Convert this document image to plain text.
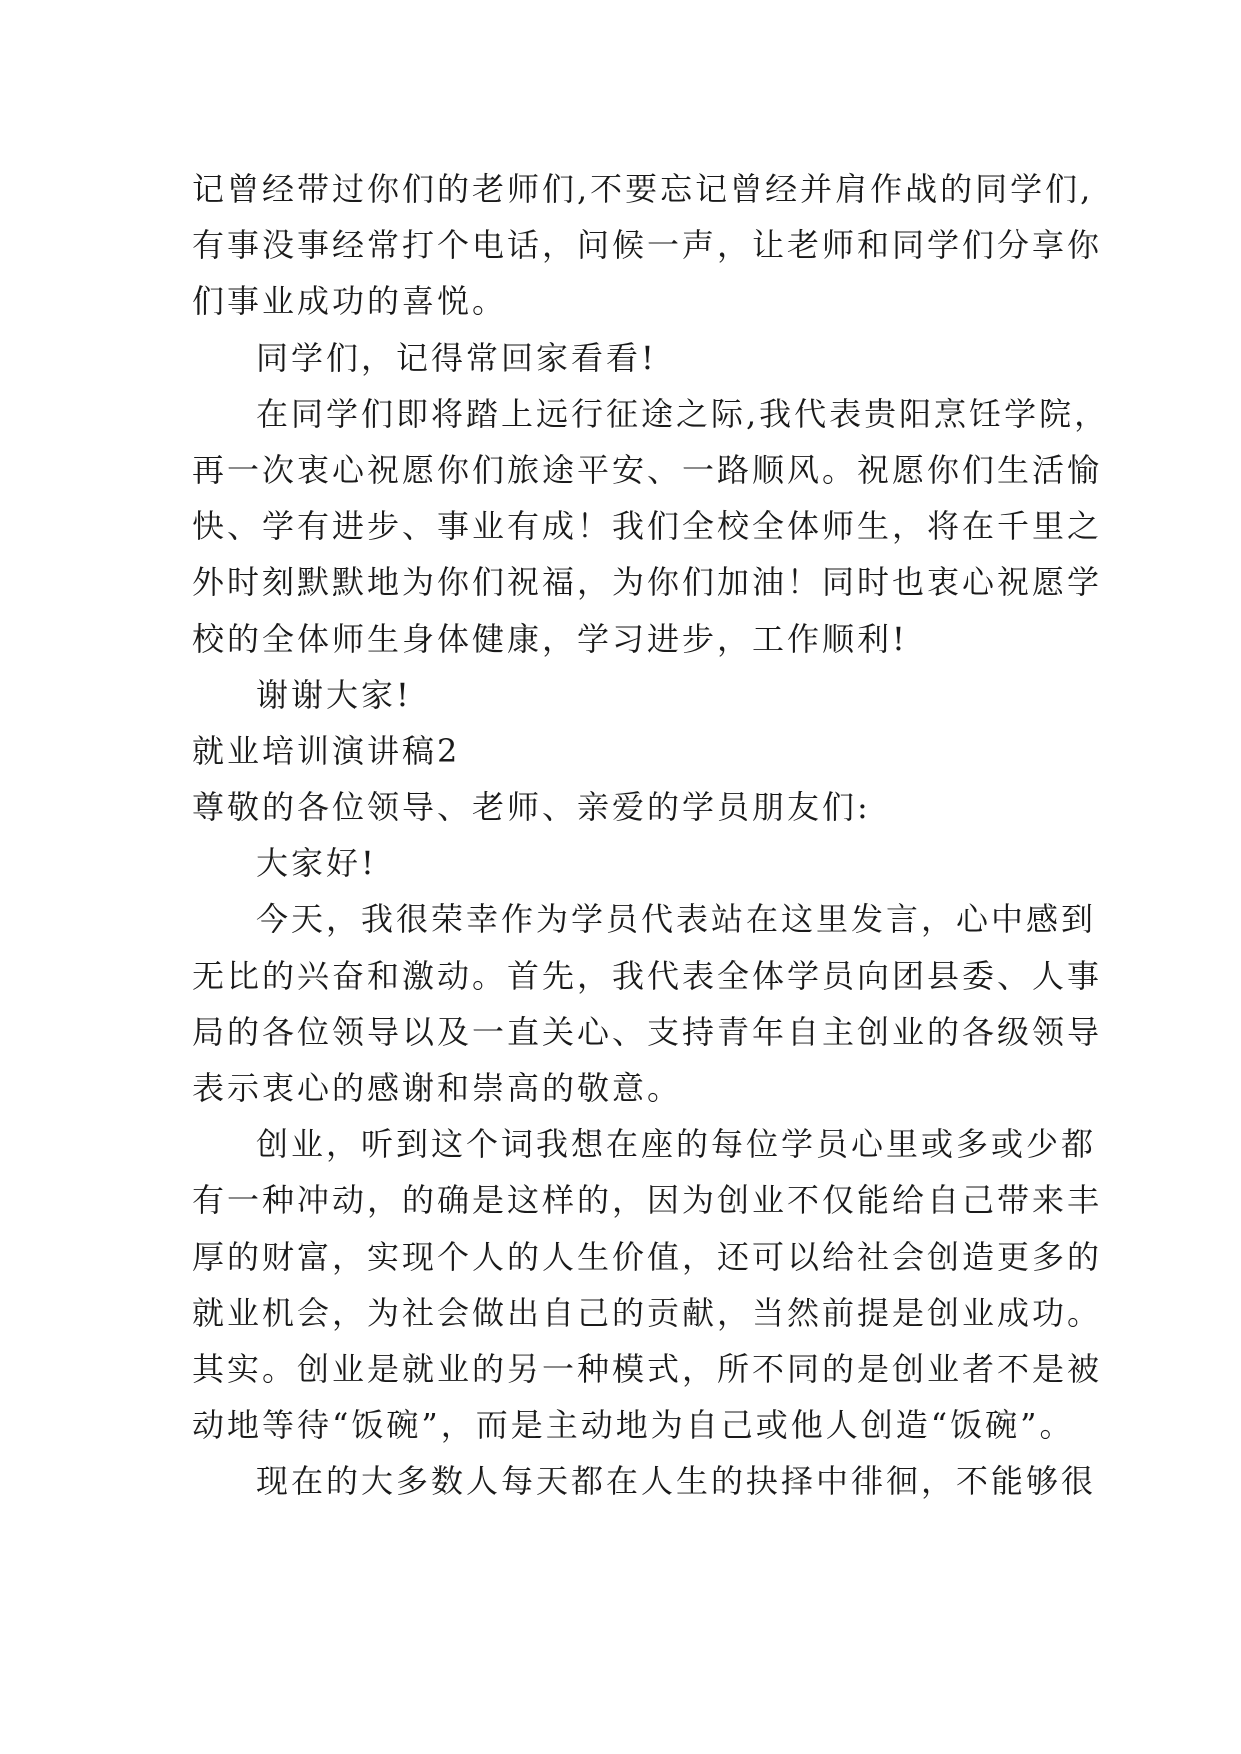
记曾经带过你们的老师们,不要忘记曾经并肩作战的同学们,
有事没事经常打个电话，问候一声，让老师和同学们分享你
们事业成功的喜悦。
同学们，记得常回家看看!
在同学们即将踏上远行征途之际,我代表贵阳烹饪学院，
再一次衷心祝愿你们旅途平安、一路顺风。祝愿你们生活愉
快、学有进步、事业有成！我们全校全体师生，将在千里之
外时刻默默地为你们祝福，为你们加油！同时也衷心祝愿学
校的全体师生身体健康，学习进步，工作顺利!
谢谢大家!
就业培训演讲稿2
尊敬的各位领导、老师、亲爱的学员朋友们:
大家好!
今天，我很荣幸作为学员代表站在这里发言，心中感到
无比的兴奋和激动。首先，我代表全体学员向团县委、人事
局的各位领导以及一直关心、支持青年自主创业的各级领导
表示衷心的感谢和崇高的敬意。
创业，听到这个词我想在座的每位学员心里或多或少都
有一种冲动，的确是这样的，因为创业不仅能给自己带来丰
厚的财富，实现个人的人生价值，还可以给社会创造更多的
就业机会，为社会做出自己的贡献，当然前提是创业成功。
其实。创业是就业的另一种模式，所不同的是创业者不是被
动地等待“饭碗”，而是主动地为自己或他人创造“饭碗”。
现在的大多数人每天都在人生的抉择中徘徊，不能够很
